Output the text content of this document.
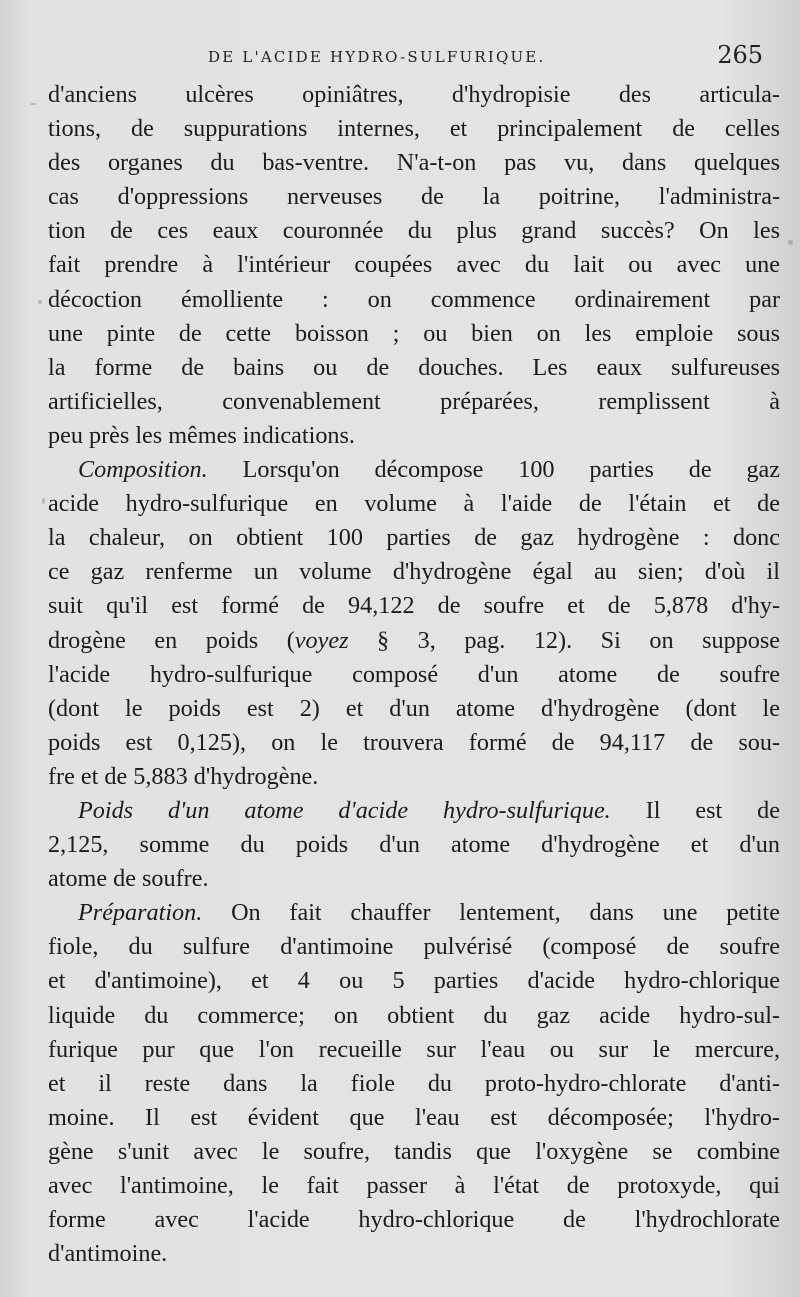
DE L'ACIDE HYDRO-SULFURIQUE.	265
d'anciens ulcères opiniâtres, d'hydropisie des articula-
tions, de suppurations internes, et principalement de celles
des organes du bas-ventre. N'a-t-on pas vu, dans quelques
cas d'oppressions nerveuses de la poitrine, l'administra-
tion de ces eaux couronnée du plus grand succès? On les
fait prendre à l'intérieur coupées avec du lait ou avec une
décoction émolliente : on commence ordinairement par
une pinte de cette boisson ; ou bien on les emploie sous
la forme de bains ou de douches. Les eaux sulfureuses
artificielles, convenablement préparées, remplissent à
peu près les mêmes indications.
Composition. Lorsqu'on décompose 100 parties de gaz
acide hydro-sulfurique en volume à l'aide de l'étain et de
la chaleur, on obtient 100 parties de gaz hydrogène : donc
ce gaz renferme un volume d'hydrogène égal au sien; d'où il
suit qu'il est formé de 94,122 de soufre et de 5,878 d'hy-
drogène en poids (voyez § 3, pag. 12). Si on suppose
l'acide hydro-sulfurique composé d'un atome de soufre
(dont le poids est 2) et d'un atome d'hydrogène (dont le
poids est 0,125), on le trouvera formé de 94,117 de sou-
fre et de 5,883 d'hydrogène.
Poids d'un atome d'acide hydro-sulfurique. Il est de
2,125, somme du poids d'un atome d'hydrogène et d'un
atome de soufre.
Préparation. On fait chauffer lentement, dans une petite
fiole, du sulfure d'antimoine pulvérisé (composé de soufre
et d'antimoine), et 4 ou 5 parties d'acide hydro-chlorique
liquide du commerce; on obtient du gaz acide hydro-sul-
furique pur que l'on recueille sur l'eau ou sur le mercure,
et il reste dans la fiole du proto-hydro-chlorate d'anti-
moine. Il est évident que l'eau est décomposée; l'hydro-
gène s'unit avec le soufre, tandis que l'oxygène se combine
avec l'antimoine, le fait passer à l'état de protoxyde, qui
forme avec l'acide hydro-chlorique de l'hydrochlorate
d'antimoine.
